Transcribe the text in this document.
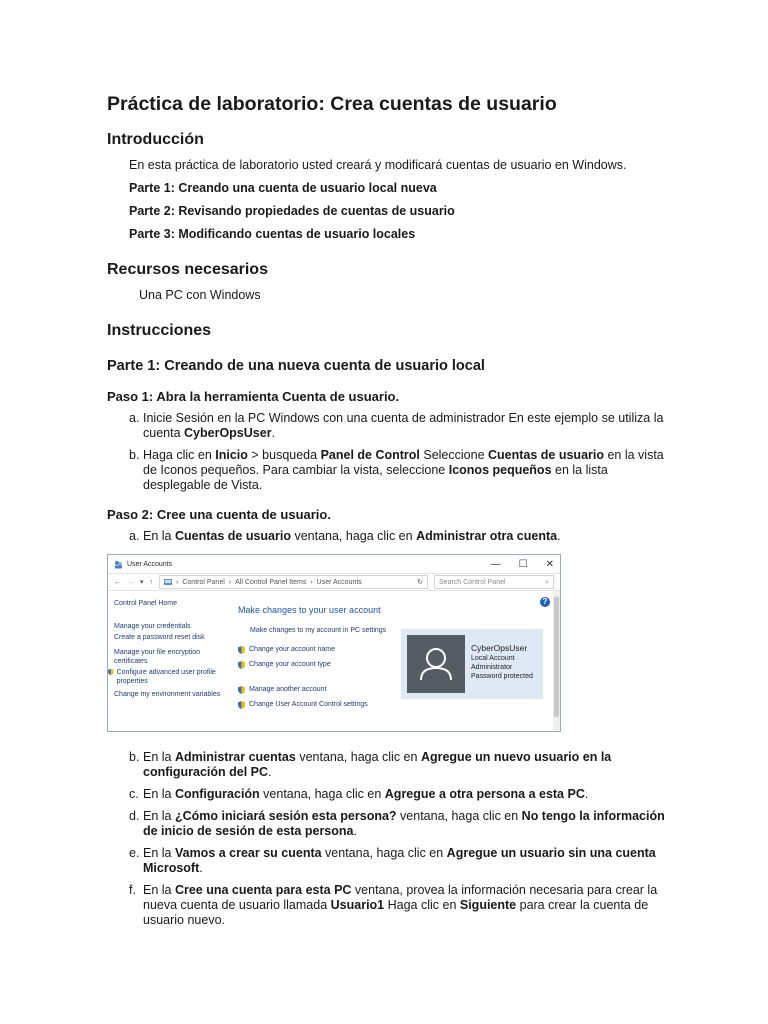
Práctica de laboratorio: Crea cuentas de usuario
Introducción
En esta práctica de laboratorio usted creará y modificará cuentas de usuario en Windows.
Parte 1: Creando una cuenta de usuario local nueva
Parte 2: Revisando propiedades de cuentas de usuario
Parte 3: Modificando cuentas de usuario locales
Recursos necesarios
Una PC con Windows
Instrucciones
Parte 1: Creando de una nueva cuenta de usuario local
Paso 1: Abra la herramienta Cuenta de usuario.
a. Inicie Sesión en la PC Windows con una cuenta de administrador En este ejemplo se utiliza la cuenta CyberOpsUser.
b. Haga clic en Inicio > busqueda Panel de Control Seleccione Cuentas de usuario en la vista de Iconos pequeños. Para cambiar la vista, seleccione Iconos pequeños en la lista desplegable de Vista.
Paso 2: Cree una cuenta de usuario.
a. En la Cuentas de usuario ventana, haga clic en Administrar otra cuenta.
User Accounts	— ☐ ✕
← → ▾ ↑	› Control Panel › All Control Panel Items › User Accounts	↻ Search Control Panel	⌕
?
Control Panel Home
Manage your credentials
Create a password reset disk
Manage your file encryption certificates
Configure advanced user profile properties
Change my environment variables
Make changes to your user account
Make changes to my account in PC settings
Change your account name
Change your account type
Manage another account
Change User Account Control settings
CyberOpsUser
Local Account
Administrator
Password protected
b. En la Administrar cuentas ventana, haga clic en Agregue un nuevo usuario en la configuración del PC.
c. En la Configuración ventana, haga clic en Agregue a otra persona a esta PC.
d. En la ¿Cómo iniciará sesión esta persona? ventana, haga clic en No tengo la información de inicio de sesión de esta persona.
e. En la Vamos a crear su cuenta ventana, haga clic en Agregue un usuario sin una cuenta Microsoft.
f. En la Cree una cuenta para esta PC ventana, provea la información necesaria para crear la nueva cuenta de usuario llamada Usuario1 Haga clic en Siguiente para crear la cuenta de usuario nuevo.
